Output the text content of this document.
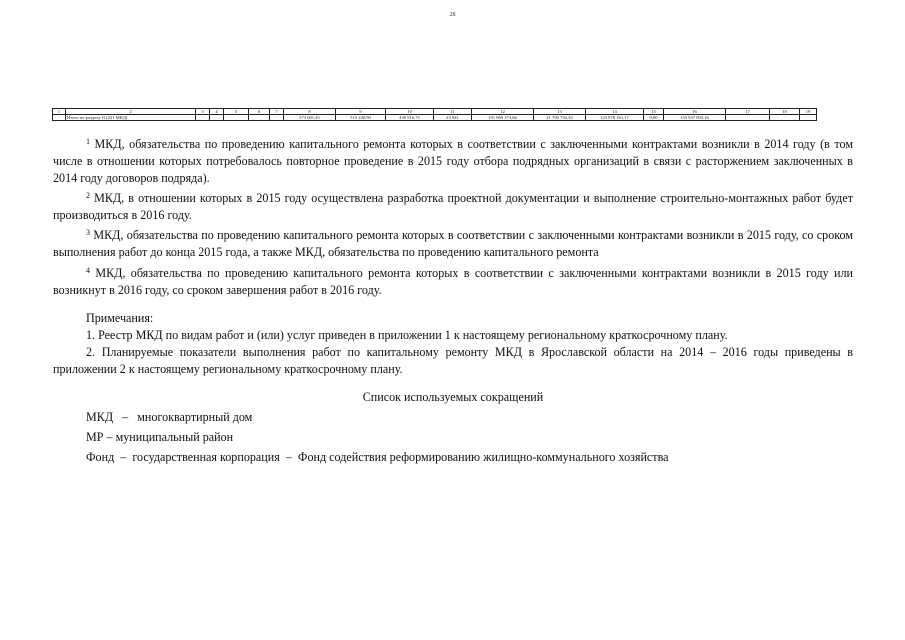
28
1	2	3	4	5	6	7	8	9	10	11	12	13	14	15	16	17	18	19
	Итого по разделу II (221 МКД)						573 601,45	510 240,90	430 916,75	23 941	191 069 373,66	21 790 732,33	123 878 161,17	0,00	155 937 892,16			

$^1$ МКД, обязательства по проведению капитального ремонта которых в соответствии с заключенными контрактами возникли в 2014 году (в том числе в отношении которых потребовалось повторное проведение в 2015 году отбора подрядных организаций в связи с расторжением заключенных в 2014 году договоров подряда).

$^2$ МКД, в отношении которых в 2015 году осуществлена разработка проектной документации и выполнение строительно-монтажных работ будет производиться в 2016 году.

$^3$ МКД, обязательства по проведению капитального ремонта которых в соответствии с заключенными контрактами возникли в 2015 году, со сроком выполнения работ до конца 2015 года, а также МКД, обязательства по проведению капитального ремонта

$^4$ МКД, обязательства по проведению капитального ремонта которых в соответствии с заключенными контрактами возникли в 2015 году или возникнут в 2016 году, со сроком завершения работ в 2016 году.

Примечания:

1. Реестр МКД по видам работ и (или) услуг приведен в приложении 1 к настоящему региональному краткосрочному плану.

2. Планируемые показатели выполнения работ по капитальному ремонту МКД в Ярославской области на 2014 – 2016 годы приведены в приложении 2 к настоящему региональному краткосрочному плану.

Список используемых сокращений

МКД   –   многоквартирный дом

МР – муниципальный район

Фонд  –  государственная корпорация  –  Фонд содействия реформированию жилищно-коммунального хозяйства
